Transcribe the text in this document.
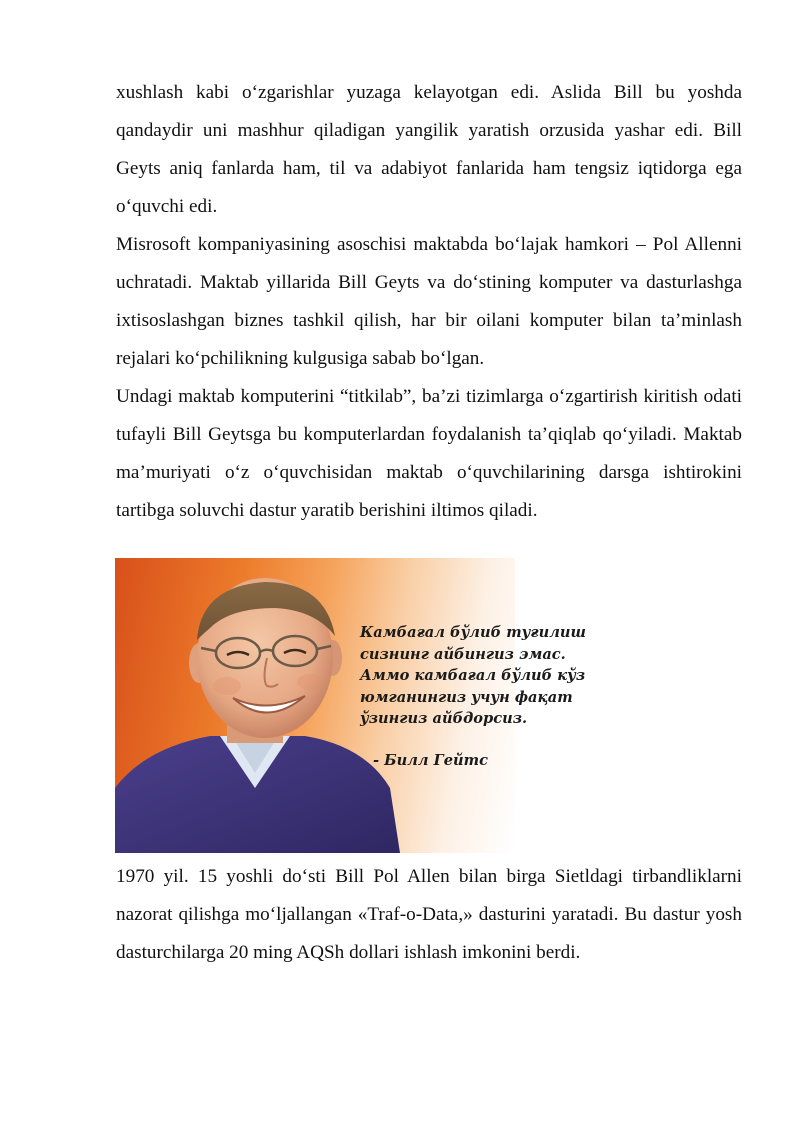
xushlash kabi o‘zgarishlar yuzaga kelayotgan edi. Aslida Bill bu yoshda qandaydir uni mashhur qiladigan yangilik yaratish orzusida yashar edi. Bill Geyts aniq fanlarda ham, til va adabiyot fanlarida ham tengsiz iqtidorga ega o‘quvchi edi.

Misrosoft kompaniyasining asoschisi maktabda bo‘lajak hamkori – Pol Allenni uchratadi. Maktab yillarida Bill Geyts va do‘stining komputer va dasturlashga ixtisoslashgan biznes tashkil qilish, har bir oilani komputer bilan ta’minlash rejalari ko‘pchilikning kulgusiga sabab bo‘lgan.

Undagi maktab komputerini “titkilab”, ba’zi tizimlarga o‘zgartirish kiritish odati tufayli Bill Geytsga bu komputerlardan foydalanish ta’qiqlab qo‘yiladi. Maktab ma’muriyati o‘z o‘quvchisidan maktab o‘quvchilarining darsga ishtirokini tartibga soluvchi dastur yaratib berishini iltimos qiladi.

Камбағал бўлиб туғилиш
сизнинг айбингиз эмас.
Аммо камбағал бўлиб кўз
юмганингиз учун фақат
ўзингиз айбдорсиз.
- Билл Гейтс

1970 yil. 15 yoshli do‘sti Bill Pol Allen bilan birga Sietldagi tirbandliklarni nazorat qilishga mo‘ljallangan «Traf-o-Data,» dasturini yaratadi. Bu dastur yosh dasturchilarga 20 ming AQSh dollari ishlash imkonini berdi.
